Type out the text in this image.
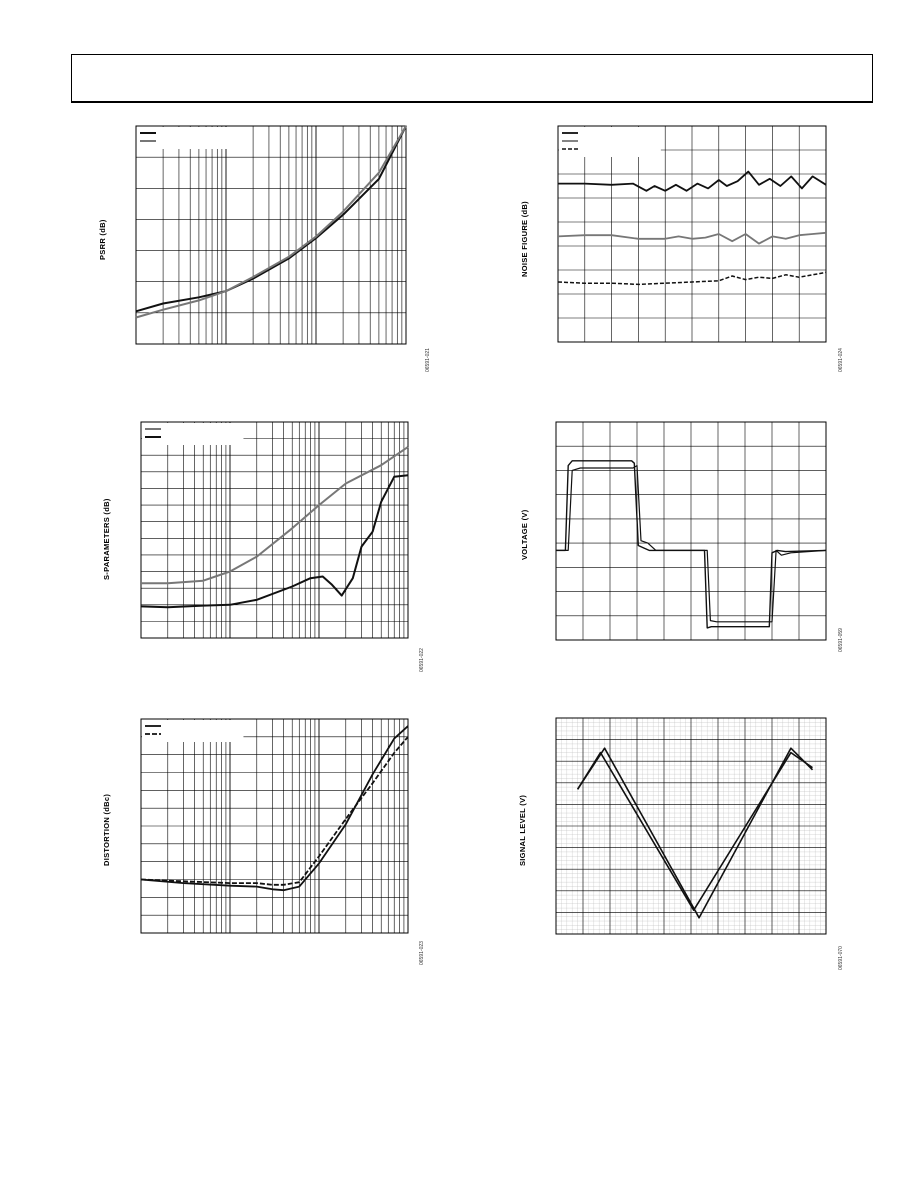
PSRR (dB)
06591-021
NOISE FIGURE (dB)
06591-024
S-PARAMETERS (dB)
06591-022
VOLTAGE (V)
06591-059
DISTORTION (dBc)
06591-023
SIGNAL LEVEL (V)
06591-070
